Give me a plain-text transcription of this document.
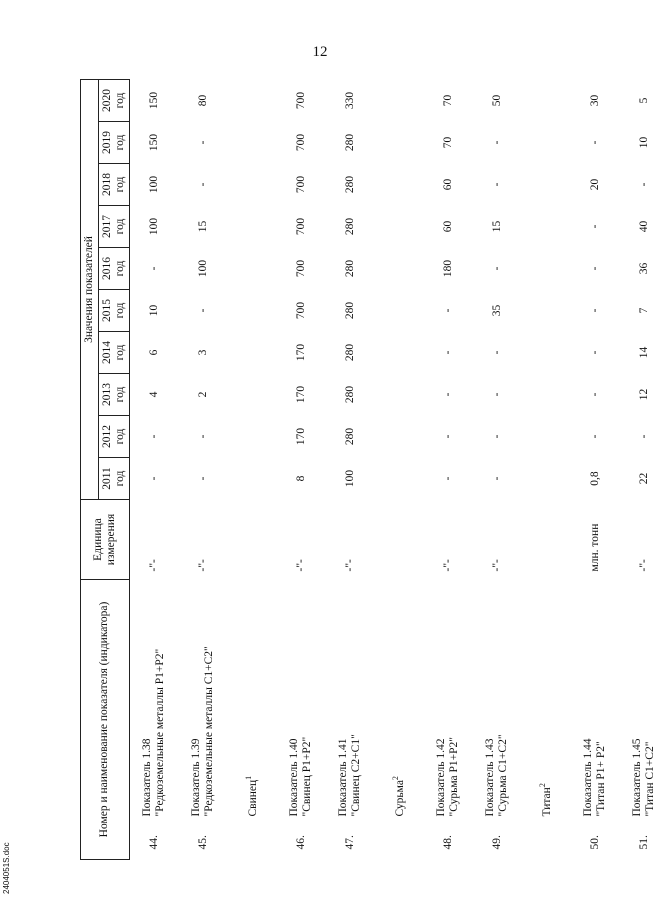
12
Номер и наименование показателя (индикатора)		Единица измерения	Значения показателей									
			2011 год	2012 год	2013 год	2014 год	2015 год	2016 год	2017 год	2018 год	2019 год	2020 год
44.	Показатель 1.38
"Редкоземельные металлы P1+P2"	-"-	-	-	4	6	10	-	100	100	150	150
45.	Показатель 1.39
"Редкоземельные металлы C1+C2"	-"-	-	-	2	3	-	100	15	-	-	80
	Свинец$^1$
46.	Показатель 1.40
"Свинец P1+P2"	-"-	8	170	170	170	700	700	700	700	700	700
47.	Показатель 1.41
"Свинец C2+C1"	-"-	100	280	280	280	280	280	280	280	280	330
	Сурьма$^2$
48.	Показатель 1.42
"Сурьма P1+P2"	-"-	-	-	-	-	-	180	60	60	70	70
49.	Показатель 1.43
"Сурьма C1+C2"	-"-	-	-	-	-	35	-	15	-	-	50
	Титан$^2$
50.	Показатель 1.44
"Титан P1+ P2"	млн. тонн	0,8	-	-	-	-	-	-	20	-	30
51.	Показатель 1.45
"Титан C1+C2"	-"-	22	-	12	14	7	36	40	-	10	5
2404051S.doc
